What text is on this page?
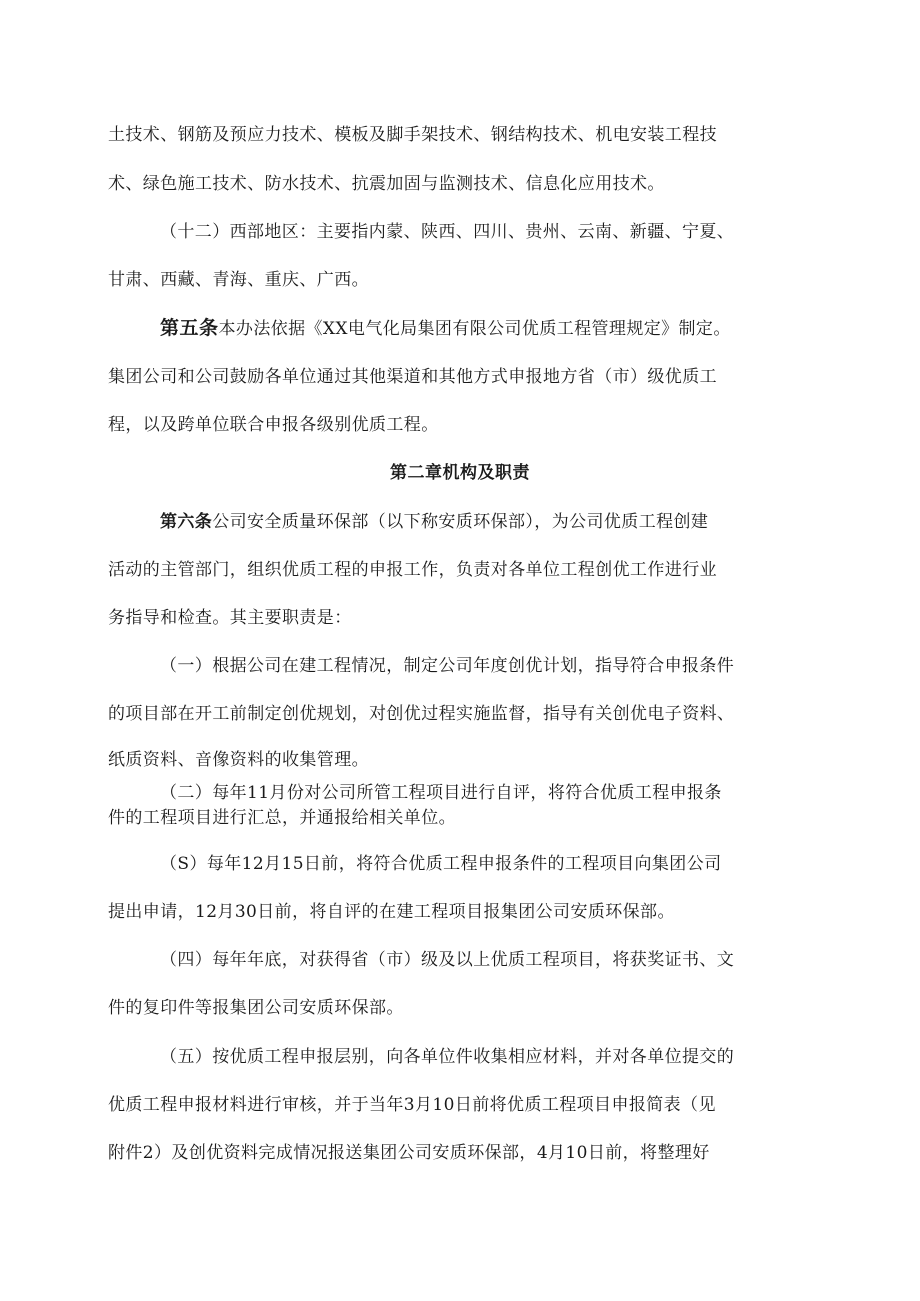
土技术、钢筋及预应力技术、模板及脚手架技术、钢结构技术、机电安装工程技
术、绿色施工技术、防水技术、抗震加固与监测技术、信息化应用技术。
（十二）西部地区：主要指内蒙、陕西、四川、贵州、云南、新疆、宁夏、
甘肃、西藏、青海、重庆、广西。
第五条本办法依据《XX电气化局集团有限公司优质工程管理规定》制定。
集团公司和公司鼓励各单位通过其他渠道和其他方式申报地方省（市）级优质工
程，以及跨单位联合申报各级别优质工程。
第二章机构及职责
第六条公司安全质量环保部（以下称安质环保部），为公司优质工程创建
活动的主管部门，组织优质工程的申报工作，负责对各单位工程创优工作进行业
务指导和检查。其主要职责是：
（一）根据公司在建工程情况，制定公司年度创优计划，指导符合申报条件
的项目部在开工前制定创优规划，对创优过程实施监督，指导有关创优电子资料、
纸质资料、音像资料的收集管理。
（二）每年11月份对公司所管工程项目进行自评，将符合优质工程申报条
件的工程项目进行汇总，并通报给相关单位。
（S）每年12月15日前，将符合优质工程申报条件的工程项目向集团公司
提出申请，12月30日前，将自评的在建工程项目报集团公司安质环保部。
（四）每年年底，对获得省（市）级及以上优质工程项目，将获奖证书、文
件的复印件等报集团公司安质环保部。
（五）按优质工程申报层别，向各单位件收集相应材料，并对各单位提交的
优质工程申报材料进行审核，并于当年3月10日前将优质工程项目申报简表（见
附件2）及创优资料完成情况报送集团公司安质环保部，4月10日前，将整理好
